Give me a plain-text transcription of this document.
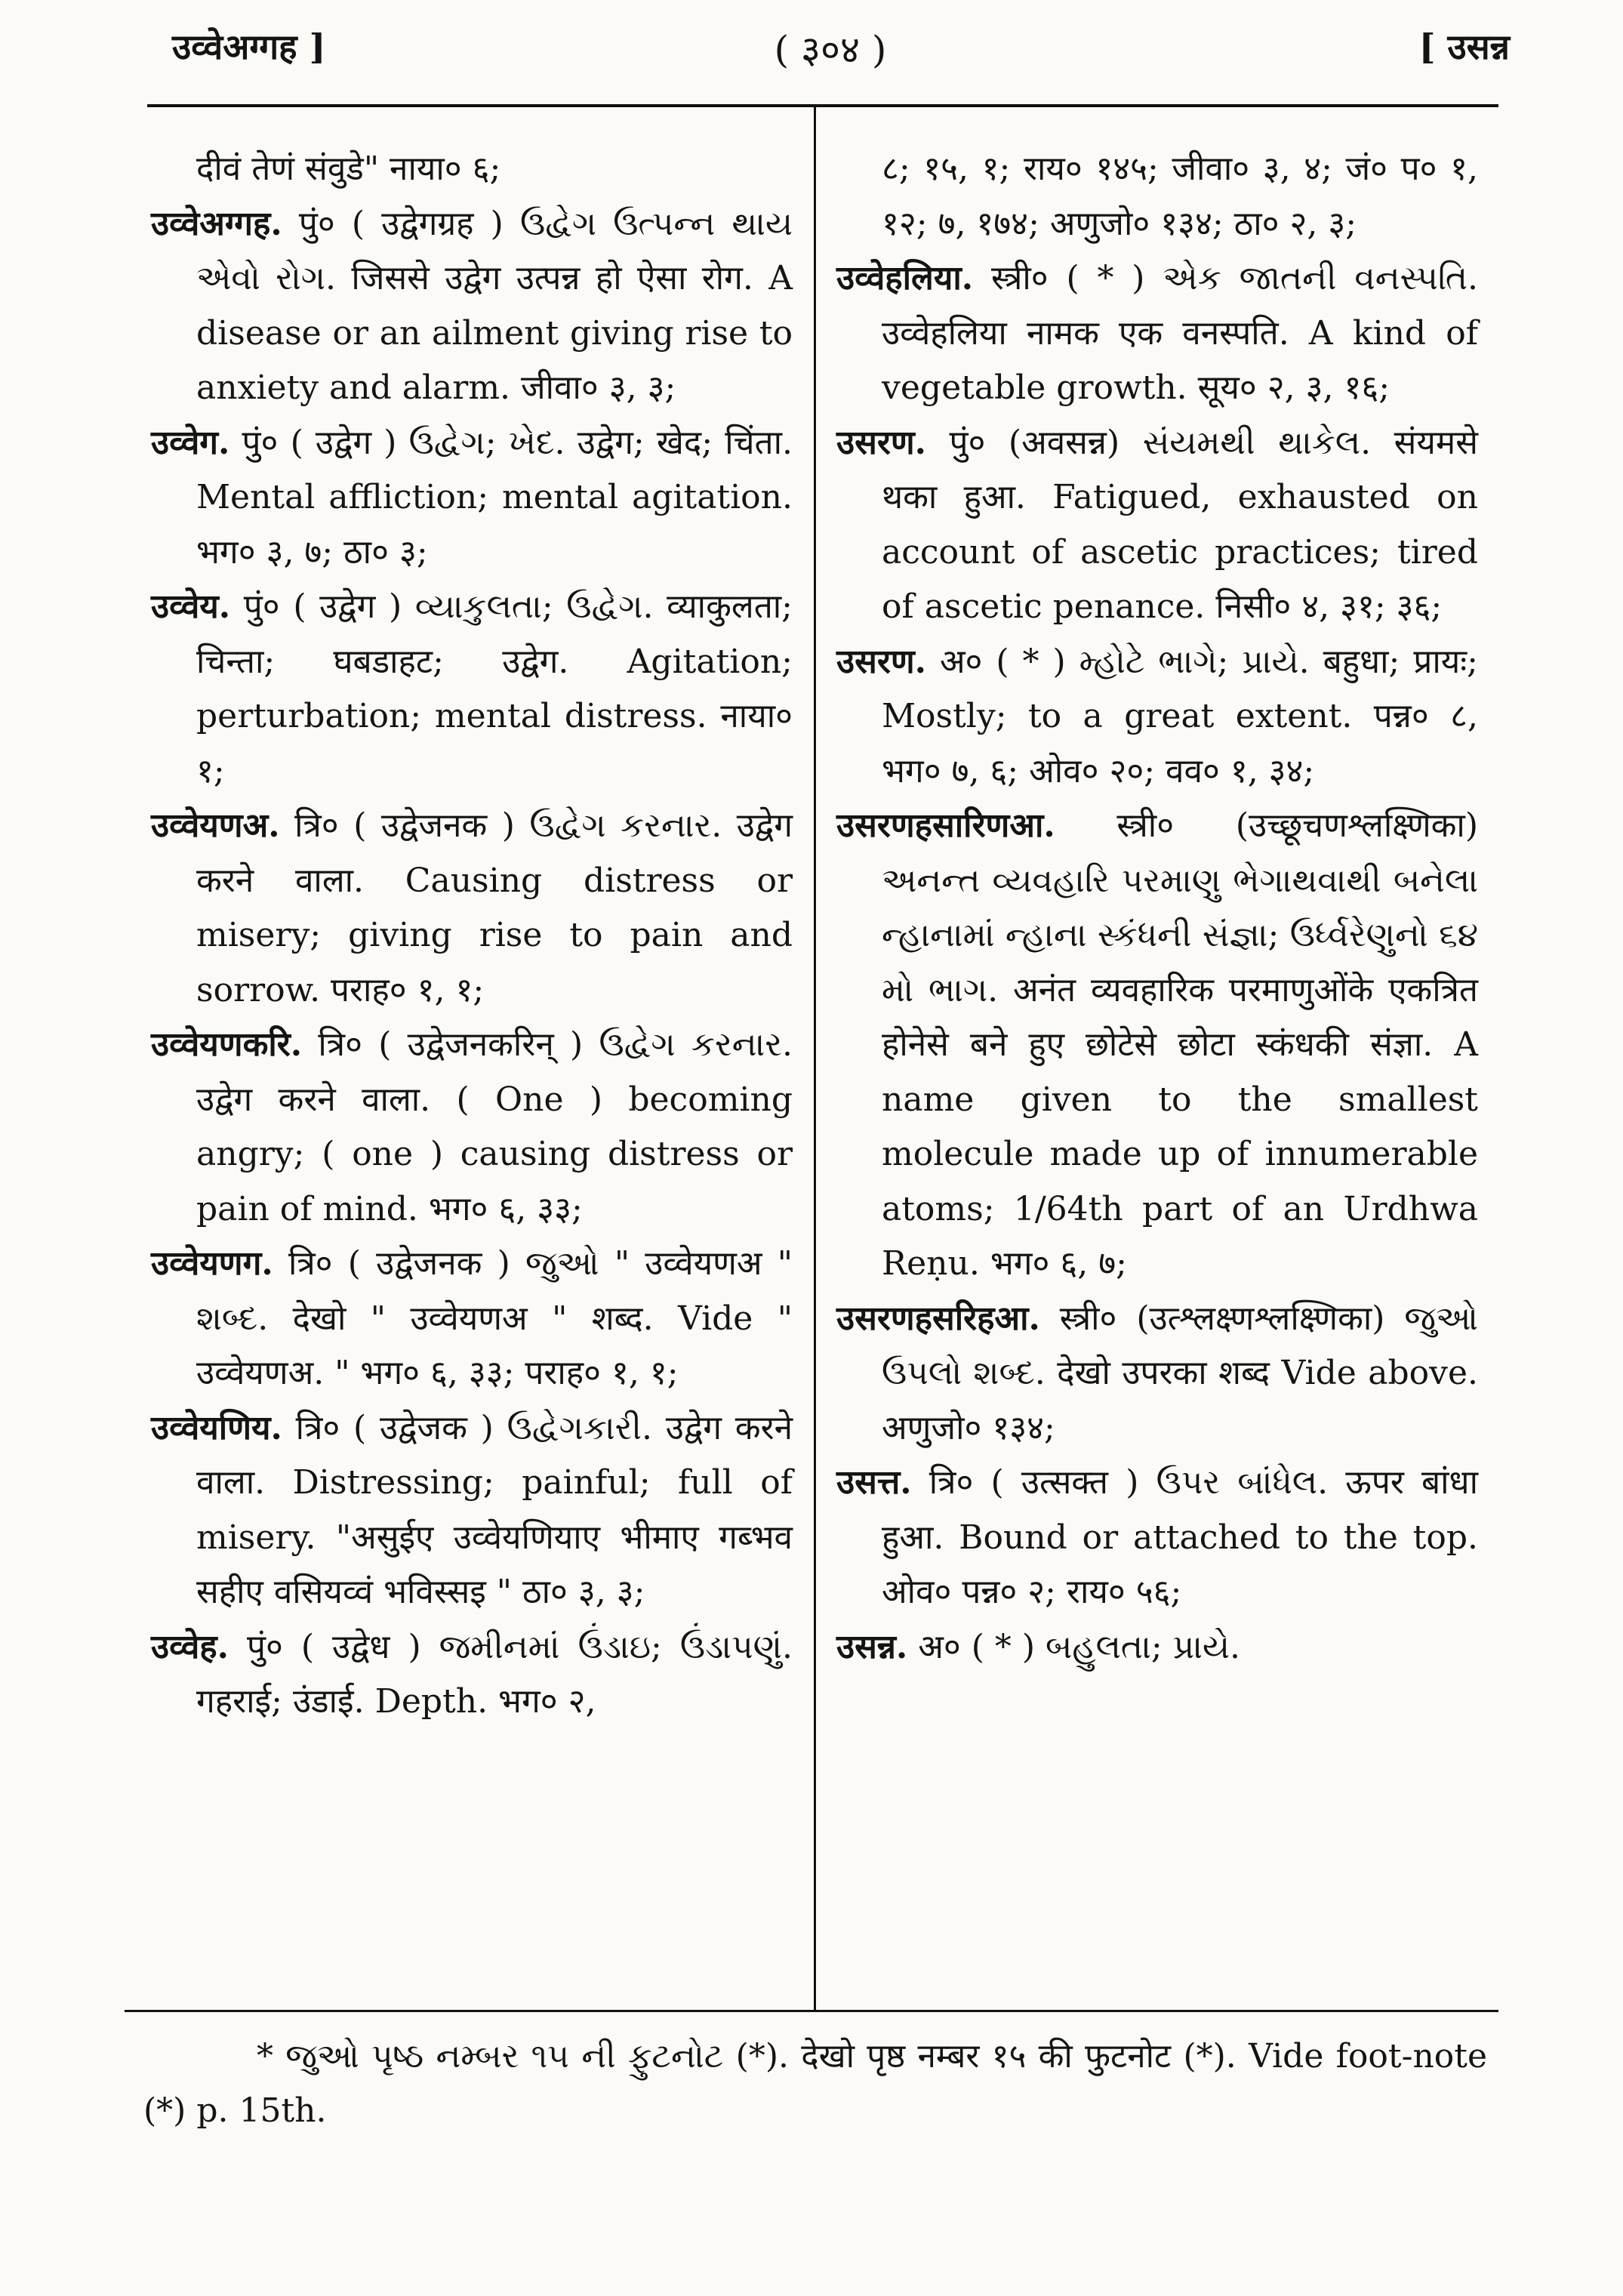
उव्वेअग्गह ]	( ३०४ )	[ उसन्न

दीवं तेणं संवुडे" नाया० ६;

उव्वेअग्गह. पुं० ( उद्वेगग्रह ) ઉદ્વેગ ઉત્પન્ન થાય એવો રોગ. जिससे उद्वेग उत्पन्न हो ऐसा रोग. A disease or an ailment giving rise to anxiety and alarm. जीवा० ३, ३;

उव्वेग. पुं० ( उद्वेग ) ઉદ્વેગ; ખેદ. उद्वेग; खेद; चिंता. Mental affliction; mental agitation. भग० ३, ७; ठा० ३;

उव्वेय. पुं० ( उद्वेग ) વ્યાકુલતા; ઉદ્વેગ. व्याकुलता; चिन्ता; घबडाहट; उद्वेग. Agitation; perturbation; mental distress. नाया० १;

उव्वेयणअ. त्रि० ( उद्वेजनक ) ઉદ્વેગ કરનાર. उद्वेग करने वाला. Causing distress or misery; giving rise to pain and sorrow. पराह० १, १;

उव्वेयणकरि. त्रि० ( उद्वेजनकरिन् ) ઉદ્વેગ કરનાર. उद्वेग करने वाला. ( One ) becoming angry; ( one ) causing distress or pain of mind. भग० ६, ३३;

उव्वेयणग. त्रि० ( उद्वेजनक ) જુઓ " उव्वेयणअ " શબ્દ. देखो " उव्वेयणअ " शब्द. Vide " उव्वेयणअ. " भग० ६, ३३; पराह० १, १;

उव्वेयणिय. त्रि० ( उद्वेजक ) ઉદ્વેગકારી. उद्वेग करने वाला. Distressing; painful; full of misery. "असुईए उव्वेयणियाए भीमाए गब्भव सहीए वसियव्वं भविस्सइ " ठा० ३, ३;

उव्वेह. पुं० ( उद्वेध ) જમીનમાં ઉંડાઇ; ઉંડાપણું. गहराई; उंडाई. Depth. भग० २,

८; १५, १; राय० १४५; जीवा० ३, ४; जं० प० १, १२; ७, १७४; अणुजो० १३४; ठा० २, ३;

उव्वेहलिया. स्त्री० ( * ) એક જાતની વનસ્પતિ. उव्वेहलिया नामक एक वनस्पति. A kind of vegetable growth. सूय० २, ३, १६;

उसरण. पुं० (अवसन्न) સંયમથી થાકેલ. संयमसे थका हुआ. Fatigued, exhausted on account of ascetic practices; tired of ascetic penance. निसी० ४, ३१; ३६;

उसरण. अ० ( * ) મ્હોટે ભાગે; પ્રાયે. बहुधा; प्रायः; Mostly; to a great extent. पन्न० ८, भग० ७, ६; ओव० २०; वव० १, ३४;

उसरणहसारिणआ. स्त्री० (उच्छूचणश्लक्ष्णिका) અનન્ત વ્યવહારિ પરમાણુ ભેગાથવાથી બનેલા ન્હાનામાં ન્હાના સ્કંધની સંજ્ઞા; ઉર્ધ્વરેણુનો ૬૪ મો ભાગ. अनंत व्यवहारिक परमाणुओंके एकत्रित होनेसे बने हुए छोटेसे छोटा स्कंधकी संज्ञा. A name given to the smallest molecule made up of innumerable atoms; 1/64th part of an Urdhwa Reṇu. भग० ६, ७;

उसरणहसरिहआ. स्त्री० (उत्श्लक्ष्णश्लक्ष्णिका) જુઓ ઉપલો શબ્દ. देखो उपरका शब्द Vide above. अणुजो० १३४;

उसत्त. त्रि० ( उत्सक्त ) ઉપર બાંધેલ. ऊपर बांधा हुआ. Bound or attached to the top. ओव० पन्न० २; राय० ५६;

उसन्न. अ० ( * ) બહુલતા; પ્રાયે.

* જુઓ પૃષ્ઠ નમ્બર ૧૫ ની ફુટનોટ (*). देखो पृष्ठ नम्बर १५ की फुटनोट (*). Vide foot-note (*) p. 15th.
